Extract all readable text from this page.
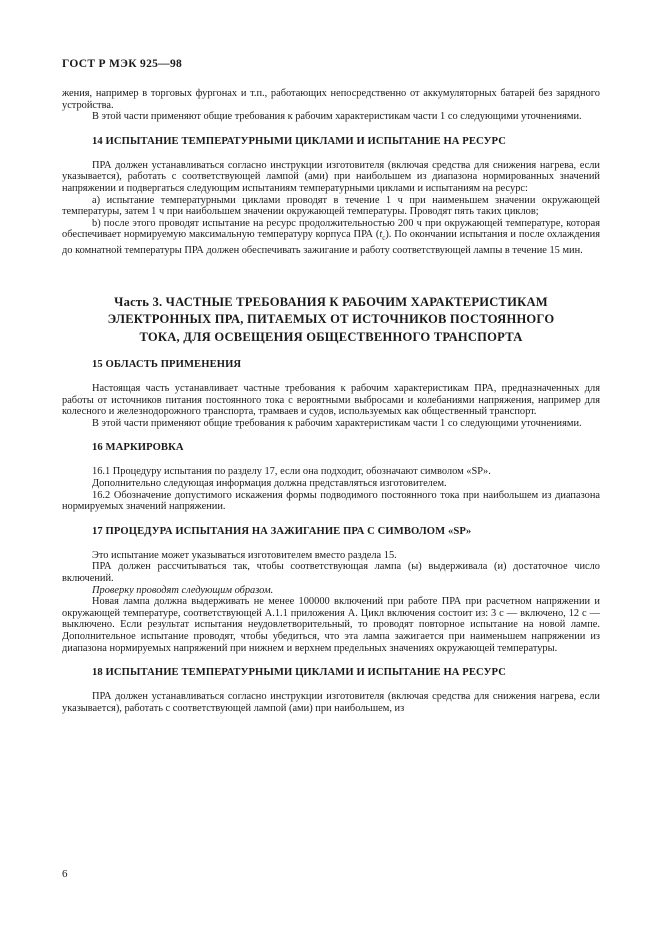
ГОСТ Р МЭК 925—98

жения, например в торговых фургонах и т.п., работающих непосредственно от аккумуляторных батарей без зарядного устройства.

В этой части применяют общие требования к рабочим характеристикам части 1 со следующими уточнениями.

14 ИСПЫТАНИЕ ТЕМПЕРАТУРНЫМИ ЦИКЛАМИ И ИСПЫТАНИЕ НА РЕСУРС

ПРА должен устанавливаться согласно инструкции изготовителя (включая средства для снижения нагрева, если указывается), работать с соответствующей лампой (ами) при наибольшем из диапазона нормированных значений напряжении и подвергаться следующим испытаниям температурными циклами и испытаниям на ресурс:

а) испытание температурными циклами проводят в течение 1 ч при наименьшем значении окружающей температуры, затем 1 ч при наибольшем значении окружающей температуры. Проводят пять таких циклов;

b) после этого проводят испытание на ресурс продолжительностью 200 ч при окружающей температуре, которая обеспечивает нормируемую максимальную температуру корпуса ПРА $(t_c)$. По окончании испытания и после охлаждения до комнатной температуры ПРА должен обеспечивать зажигание и работу соответствующей лампы в течение 15 мин.

Часть 3. ЧАСТНЫЕ ТРЕБОВАНИЯ К РАБОЧИМ ХАРАКТЕРИСТИКАМ
ЭЛЕКТРОННЫХ ПРА, ПИТАЕМЫХ ОТ ИСТОЧНИКОВ ПОСТОЯННОГО
ТОКА, ДЛЯ ОСВЕЩЕНИЯ ОБЩЕСТВЕННОГО ТРАНСПОРТА
15 ОБЛАСТЬ ПРИМЕНЕНИЯ

Настоящая часть устанавливает частные требования к рабочим характеристикам ПРА, предназначенных для работы от источников питания постоянного тока с вероятными выбросами и колебаниями напряжения, например для колесного и железнодорожного транспорта, трамваев и судов, используемых как общественный транспорт.

В этой части применяют общие требования к рабочим характеристикам части 1 со следующими уточнениями.

16 МАРКИРОВКА

16.1 Процедуру испытания по разделу 17, если она подходит, обозначают символом «SP».

Дополнительно следующая информация должна представляться изготовителем.

16.2 Обозначение допустимого искажения формы подводимого постоянного тока при наибольшем из диапазона нормируемых значений напряжении.

17 ПРОЦЕДУРА ИСПЫТАНИЯ НА ЗАЖИГАНИЕ ПРА С СИМВОЛОМ «SP»

Это испытание может указываться изготовителем вместо раздела 15.

ПРА должен рассчитываться так, чтобы соответствующая лампа (ы) выдерживала (и) достаточное число включений.

Проверку проводят следующим образом.

Новая лампа должна выдерживать не менее 100000 включений при работе ПРА при расчетном напряжении и окружающей температуре, соответствующей А.1.1 приложения А. Цикл включения состоит из: 3 с — включено, 12 с — выключено. Если результат испытания неудовлетворительный, то проводят повторное испытание на новой лампе. Дополнительное испытание проводят, чтобы убедиться, что эта лампа зажигается при наименьшем напряжении из диапазона нормируемых напряжений при нижнем и верхнем предельных значениях окружающей температуры.

18 ИСПЫТАНИЕ ТЕМПЕРАТУРНЫМИ ЦИКЛАМИ И ИСПЫТАНИЕ НА РЕСУРС

ПРА должен устанавливаться согласно инструкции изготовителя (включая средства для снижения нагрева, если указывается), работать с соответствующей лампой (ами) при наибольшем, из

6
